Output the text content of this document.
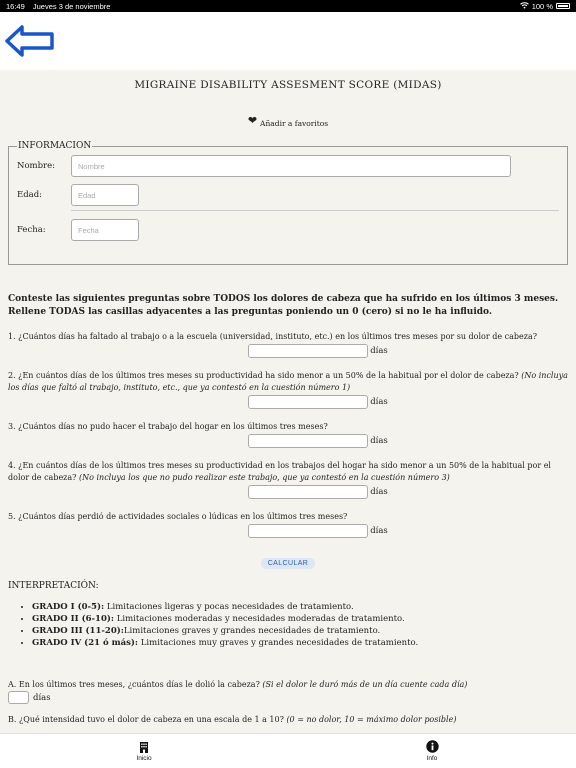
16:49 Jueves 3 de noviembre	100 %
MIGRAINE DISABILITY ASSESMENT SCORE (MIDAS)
❤ Añadir a favoritos
INFORMACION
Nombre:	Nombre
Edad:	Edad
Fecha:	Fecha

Conteste las siguientes preguntas sobre TODOS los dolores de cabeza que ha sufrido en los últimos 3 meses.

Rellene TODAS las casillas adyacentes a las preguntas poniendo un 0 (cero) si no le ha influido.

1. ¿Cuántos días ha faltado al trabajo o a la escuela (universidad, instituto, etc.) en los últimos tres meses por su dolor de cabeza?
días
2. ¿En cuántos días de los últimos tres meses su productividad ha sido menor a un 50% de la habitual por el dolor de cabeza? (No incluya los días que faltó al trabajo, instituto, etc., que ya contestó en la cuestión número 1)
días
3. ¿Cuántos días no pudo hacer el trabajo del hogar en los últimos tres meses?
días
4. ¿En cuántos días de los últimos tres meses su productividad en los trabajos del hogar ha sido menor a un 50% de la habitual por el dolor de cabeza? (No incluya los que no pudo realizar este trabajo, que ya contestó en la cuestión número 3)
días
5. ¿Cuántos días perdió de actividades sociales o lúdicas en los últimos tres meses?
días
CALCULAR
INTERPRETACIÓN:
• GRADO I (0-5): Limitaciones ligeras y pocas necesidades de tratamiento.
• GRADO II (6-10): Limitaciones moderadas y necesidades moderadas de tratamiento.
• GRADO III (11-20):Limitaciones graves y grandes necesidades de tratamiento.
• GRADO IV (21 ó más): Limitaciones muy graves y grandes necesidades de tratamiento.
A. En los últimos tres meses, ¿cuántos días le dolió la cabeza? (Si el dolor le duró más de un día cuente cada día)
días
B. ¿Qué intensidad tuvo el dolor de cabeza en una escala de 1 a 10? (0 = no dolor, 10 = máximo dolor posible)
Inicio	Info
